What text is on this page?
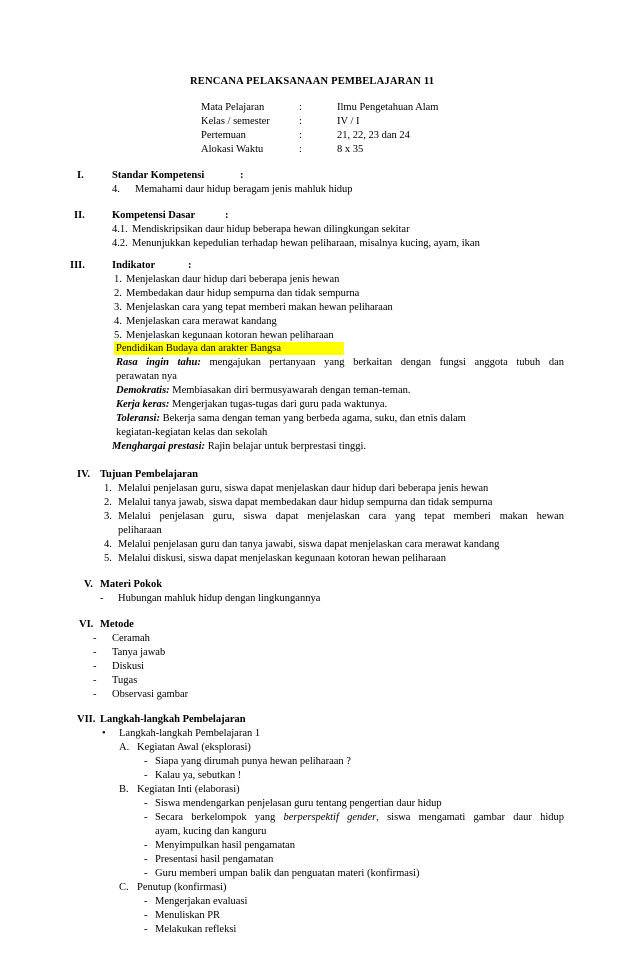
RENCANA PELAKSANAAN PEMBELAJARAN 11
Mata Pelajaran	:	Ilmu Pengetahuan Alam
Kelas / semester	:	IV / I
Pertemuan	:	21, 22, 23 dan 24
Alokasi Waktu	:	8 x 35
I.	Standar Kompetensi	:
4. Memahami daur hidup beragam jenis mahluk hidup
II.	Kompetensi Dasar	:
4.1. Mendiskripsikan daur hidup beberapa hewan dilingkungan sekitar
4.2. Menunjukkan kepedulian terhadap hewan peliharaan, misalnya kucing, ayam, ikan
III.	Indikator	:
1. Menjelaskan daur hidup dari beberapa jenis hewan
2. Membedakan daur hidup sempurna dan tidak sempurna
3. Menjelaskan cara yang tepat memberi makan hewan peliharaan
4. Menjelaskan cara merawat kandang
5. Menjelaskan kegunaan kotoran hewan peliharaan
Pendidikan Budaya dan arakter Bangsa
Rasa ingin tahu: mengajukan pertanyaan yang berkaitan dengan fungsi anggota tubuh dan
perawatan nya
Demokratis: Membiasakan diri bermusyawarah dengan teman-teman.
Kerja keras: Mengerjakan tugas-tugas dari guru pada waktunya.
Toleransi: Bekerja sama dengan teman yang berbeda agama, suku, dan etnis dalam
kegiatan-kegiatan kelas dan sekolah
Menghargai prestasi: Rajin belajar untuk berprestasi tinggi.
IV. Tujuan Pembelajaran
1. Melalui penjelasan guru, siswa dapat menjelaskan daur hidup dari beberapa jenis hewan
2. Melalui tanya jawab, siswa dapat membedakan daur hidup sempurna dan tidak sempurna
3. Melalui penjelasan guru, siswa dapat menjelaskan cara yang tepat memberi makan hewan
peliharaan
4. Melalui penjelasan guru dan tanya jawabi, siswa dapat menjelaskan cara merawat kandang
5. Melalui diskusi, siswa dapat menjelaskan kegunaan kotoran hewan peliharaan
V. Materi Pokok
- Hubungan mahluk hidup dengan lingkungannya
VI. Metode
- Ceramah
- Tanya jawab
- Diskusi
- Tugas
- Observasi gambar
VII. Langkah-langkah Pembelajaran
• Langkah-langkah Pembelajaran 1
A. Kegiatan Awal (eksplorasi)
- Siapa yang dirumah punya hewan peliharaan ?
- Kalau ya, sebutkan !
B. Kegiatan Inti (elaborasi)
- Siswa mendengarkan penjelasan guru tentang pengertian daur hidup
- Secara berkelompok yang berperspektif gender, siswa mengamati gambar daur hidup
ayam, kucing dan kanguru
- Menyimpulkan hasil pengamatan
- Presentasi hasil pengamatan
- Guru memberi umpan balik dan penguatan materi (konfirmasi)
C. Penutup (konfirmasi)
- Mengerjakan evaluasi
- Menuliskan PR
- Melakukan refleksi
